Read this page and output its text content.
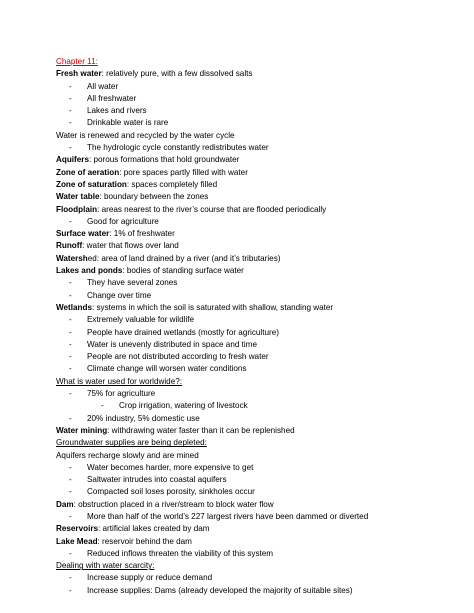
Chapter 11:
Fresh water: relatively pure, with a few dissolved salts
- All water
- All freshwater
- Lakes and rivers
- Drinkable water is rare
Water is renewed and recycled by the water cycle
- The hydrologic cycle constantly redistributes water
Aquifers: porous formations that hold groundwater
Zone of aeration: pore spaces partly filled with water
Zone of saturation: spaces completely filled
Water table: boundary between the zones
Floodplain: areas nearest to the river’s course that are flooded periodically
- Good for agriculture
Surface water: 1% of freshwater
Runoff: water that flows over land
Watershed: area of land drained by a river (and it’s tributaries)
Lakes and ponds: bodies of standing surface water
- They have several zones
- Change over time
Wetlands: systems in which the soil is saturated with shallow, standing water
- Extremely valuable for wildlife
- People have drained wetlands (mostly for agriculture)
- Water is unevenly distributed in space and time
- People are not distributed according to fresh water
- Climate change will worsen water conditions
What is water used for worldwide?:
- 75% for agriculture
- Crop irrigation, watering of livestock
- 20% industry, 5% domestic use
Water mining: withdrawing water faster than it can be replenished
Groundwater supplies are being depleted:
Aquifers recharge slowly and are mined
- Water becomes harder, more expensive to get
- Saltwater intrudes into coastal aquifers
- Compacted soil loses porosity, sinkholes occur
Dam: obstruction placed in a river/stream to block water flow
- More than half of the world’s 227 largest rivers have been dammed or diverted
Reservoirs: artificial lakes created by dam
Lake Mead: reservoir behind the dam
- Reduced inflows threaten the viability of this system
Dealing with water scarcity:
- Increase supply or reduce demand
- Increase supplies: Dams (already developed the majority of suitable sites)
